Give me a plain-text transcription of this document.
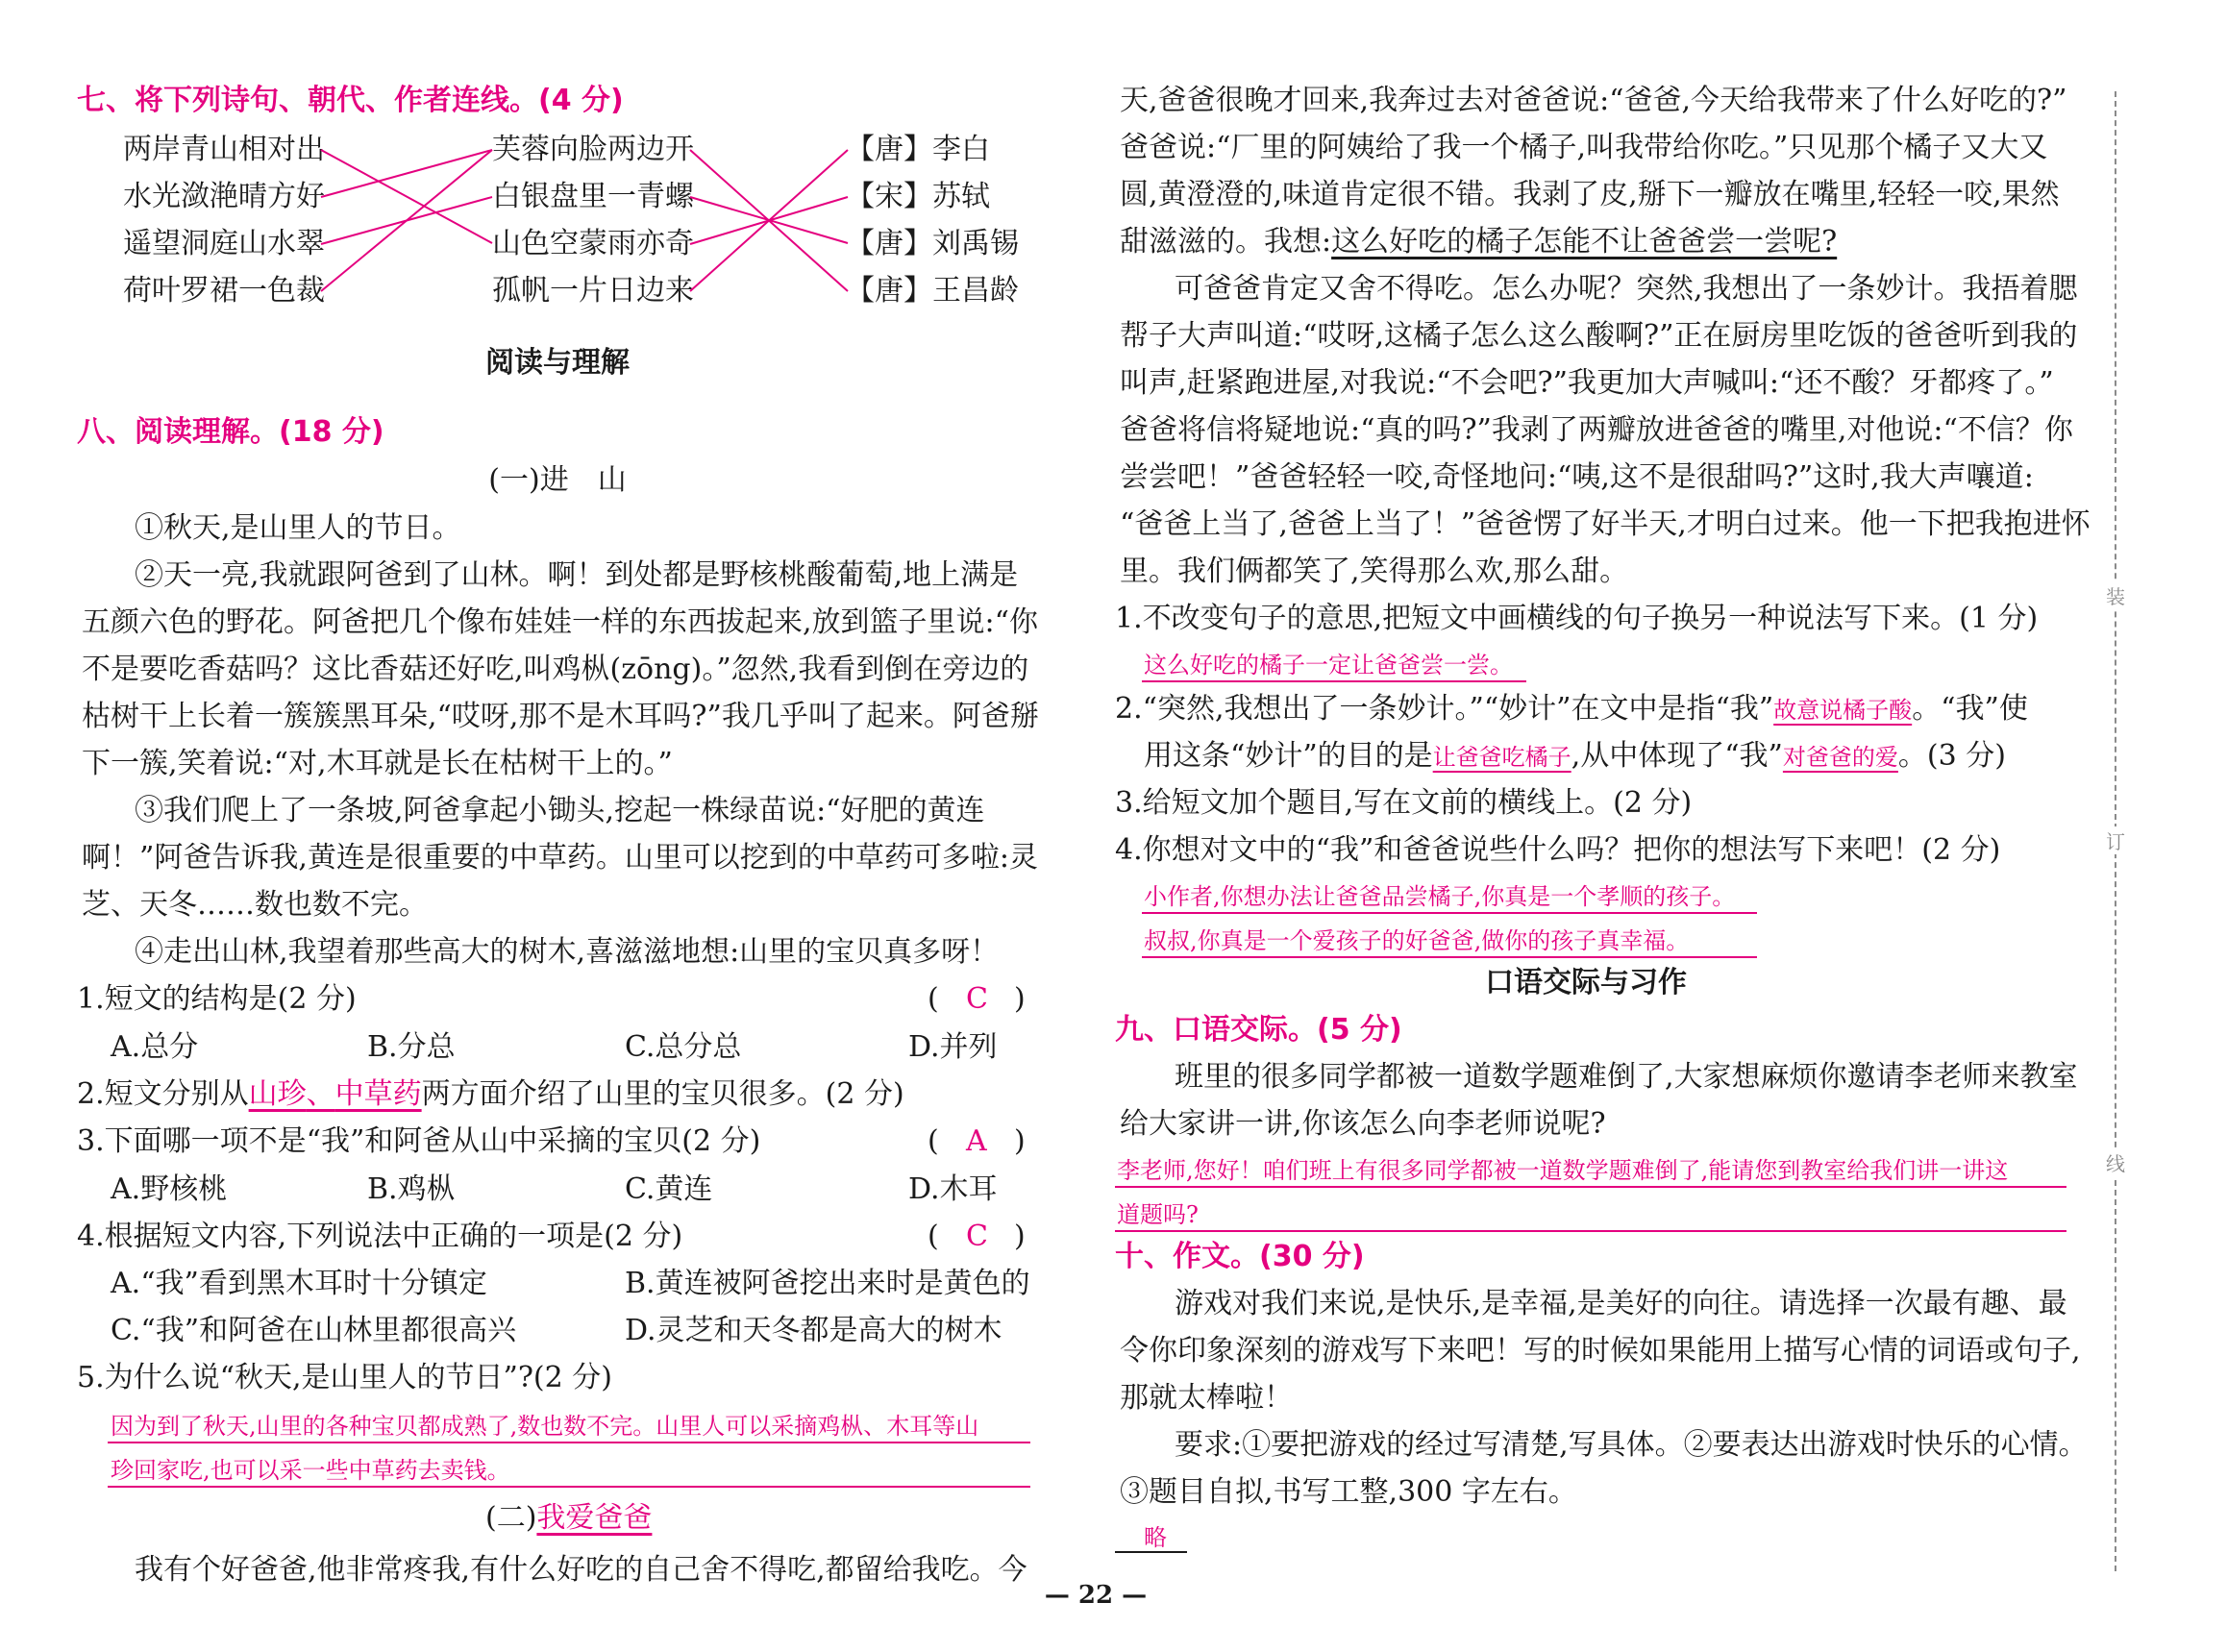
七、将下列诗句、朝代、作者连线。(4 分)
两岸青山相对出
水光潋滟晴方好
遥望洞庭山水翠
荷叶罗裙一色裁
芙蓉向脸两边开
白银盘里一青螺
山色空蒙雨亦奇
孤帆一片日边来
【唐】李白
【宋】苏轼
【唐】刘禹锡
【唐】王昌龄
阅读与理解
八、阅读理解。(18 分)
(一)进　山
①秋天,是山里人的节日。
②天一亮,我就跟阿爸到了山林。啊！到处都是野核桃酸葡萄,地上满是
五颜六色的野花。阿爸把几个像布娃娃一样的东西拔起来,放到篮子里说:“你
不是要吃香菇吗？这比香菇还好吃,叫鸡枞(zōng)。”忽然,我看到倒在旁边的
枯树干上长着一簇簇黑耳朵,“哎呀,那不是木耳吗?”我几乎叫了起来。阿爸掰
下一簇,笑着说:“对,木耳就是长在枯树干上的。”
③我们爬上了一条坡,阿爸拿起小锄头,挖起一株绿苗说:“好肥的黄连
啊！”阿爸告诉我,黄连是很重要的中草药。山里可以挖到的中草药可多啦:灵
芝、天冬……数也数不完。
④走出山林,我望着那些高大的树木,喜滋滋地想:山里的宝贝真多呀！
1.短文的结构是(2 分)	( C )
A.总分	B.分总	C.总分总	D.并列
2.短文分别从山珍、中草药两方面介绍了山里的宝贝很多。(2 分)
3.下面哪一项不是“我”和阿爸从山中采摘的宝贝(2 分)	( A )
A.野核桃	B.鸡枞	C.黄连	D.木耳
4.根据短文内容,下列说法中正确的一项是(2 分)	( C )
A.“我”看到黑木耳时十分镇定	B.黄连被阿爸挖出来时是黄色的
C.“我”和阿爸在山林里都很高兴	D.灵芝和天冬都是高大的树木
5.为什么说“秋天,是山里人的节日”?(2 分)
因为到了秋天,山里的各种宝贝都成熟了,数也数不完。山里人可以采摘鸡枞、木耳等山
珍回家吃,也可以采一些中草药去卖钱。
(二)我爱爸爸
我有个好爸爸,他非常疼我,有什么好吃的自己舍不得吃,都留给我吃。今
天,爸爸很晚才回来,我奔过去对爸爸说:“爸爸,今天给我带来了什么好吃的?”
爸爸说:“厂里的阿姨给了我一个橘子,叫我带给你吃。”只见那个橘子又大又
圆,黄澄澄的,味道肯定很不错。我剥了皮,掰下一瓣放在嘴里,轻轻一咬,果然
甜滋滋的。我想:这么好吃的橘子怎能不让爸爸尝一尝呢?
可爸爸肯定又舍不得吃。怎么办呢？突然,我想出了一条妙计。我捂着腮
帮子大声叫道:“哎呀,这橘子怎么这么酸啊?”正在厨房里吃饭的爸爸听到我的
叫声,赶紧跑进屋,对我说:“不会吧?”我更加大声喊叫:“还不酸？牙都疼了。”
爸爸将信将疑地说:“真的吗?”我剥了两瓣放进爸爸的嘴里,对他说:“不信？你
尝尝吧！”爸爸轻轻一咬,奇怪地问:“咦,这不是很甜吗?”这时,我大声嚷道:
“爸爸上当了,爸爸上当了！”爸爸愣了好半天,才明白过来。他一下把我抱进怀
里。我们俩都笑了,笑得那么欢,那么甜。
1.不改变句子的意思,把短文中画横线的句子换另一种说法写下来。(1 分)
这么好吃的橘子一定让爸爸尝一尝。
2.“突然,我想出了一条妙计。”“妙计”在文中是指“我”故意说橘子酸。“我”使
用这条“妙计”的目的是让爸爸吃橘子,从中体现了“我”对爸爸的爱。(3 分)
3.给短文加个题目,写在文前的横线上。(2 分)
4.你想对文中的“我”和爸爸说些什么吗？把你的想法写下来吧！(2 分)
小作者,你想办法让爸爸品尝橘子,你真是一个孝顺的孩子。
叔叔,你真是一个爱孩子的好爸爸,做你的孩子真幸福。
口语交际与习作
九、口语交际。(5 分)
班里的很多同学都被一道数学题难倒了,大家想麻烦你邀请李老师来教室
给大家讲一讲,你该怎么向李老师说呢?
李老师,您好！咱们班上有很多同学都被一道数学题难倒了,能请您到教室给我们讲一讲这
道题吗?
十、作文。(30 分)
游戏对我们来说,是快乐,是幸福,是美好的向往。请选择一次最有趣、最
令你印象深刻的游戏写下来吧！写的时候如果能用上描写心情的词语或句子,
那就太棒啦！
要求:①要把游戏的经过写清楚,写具体。②要表达出游戏时快乐的心情。
③题目自拟,书写工整,300 字左右。
略
装
订
线
— 22 —
